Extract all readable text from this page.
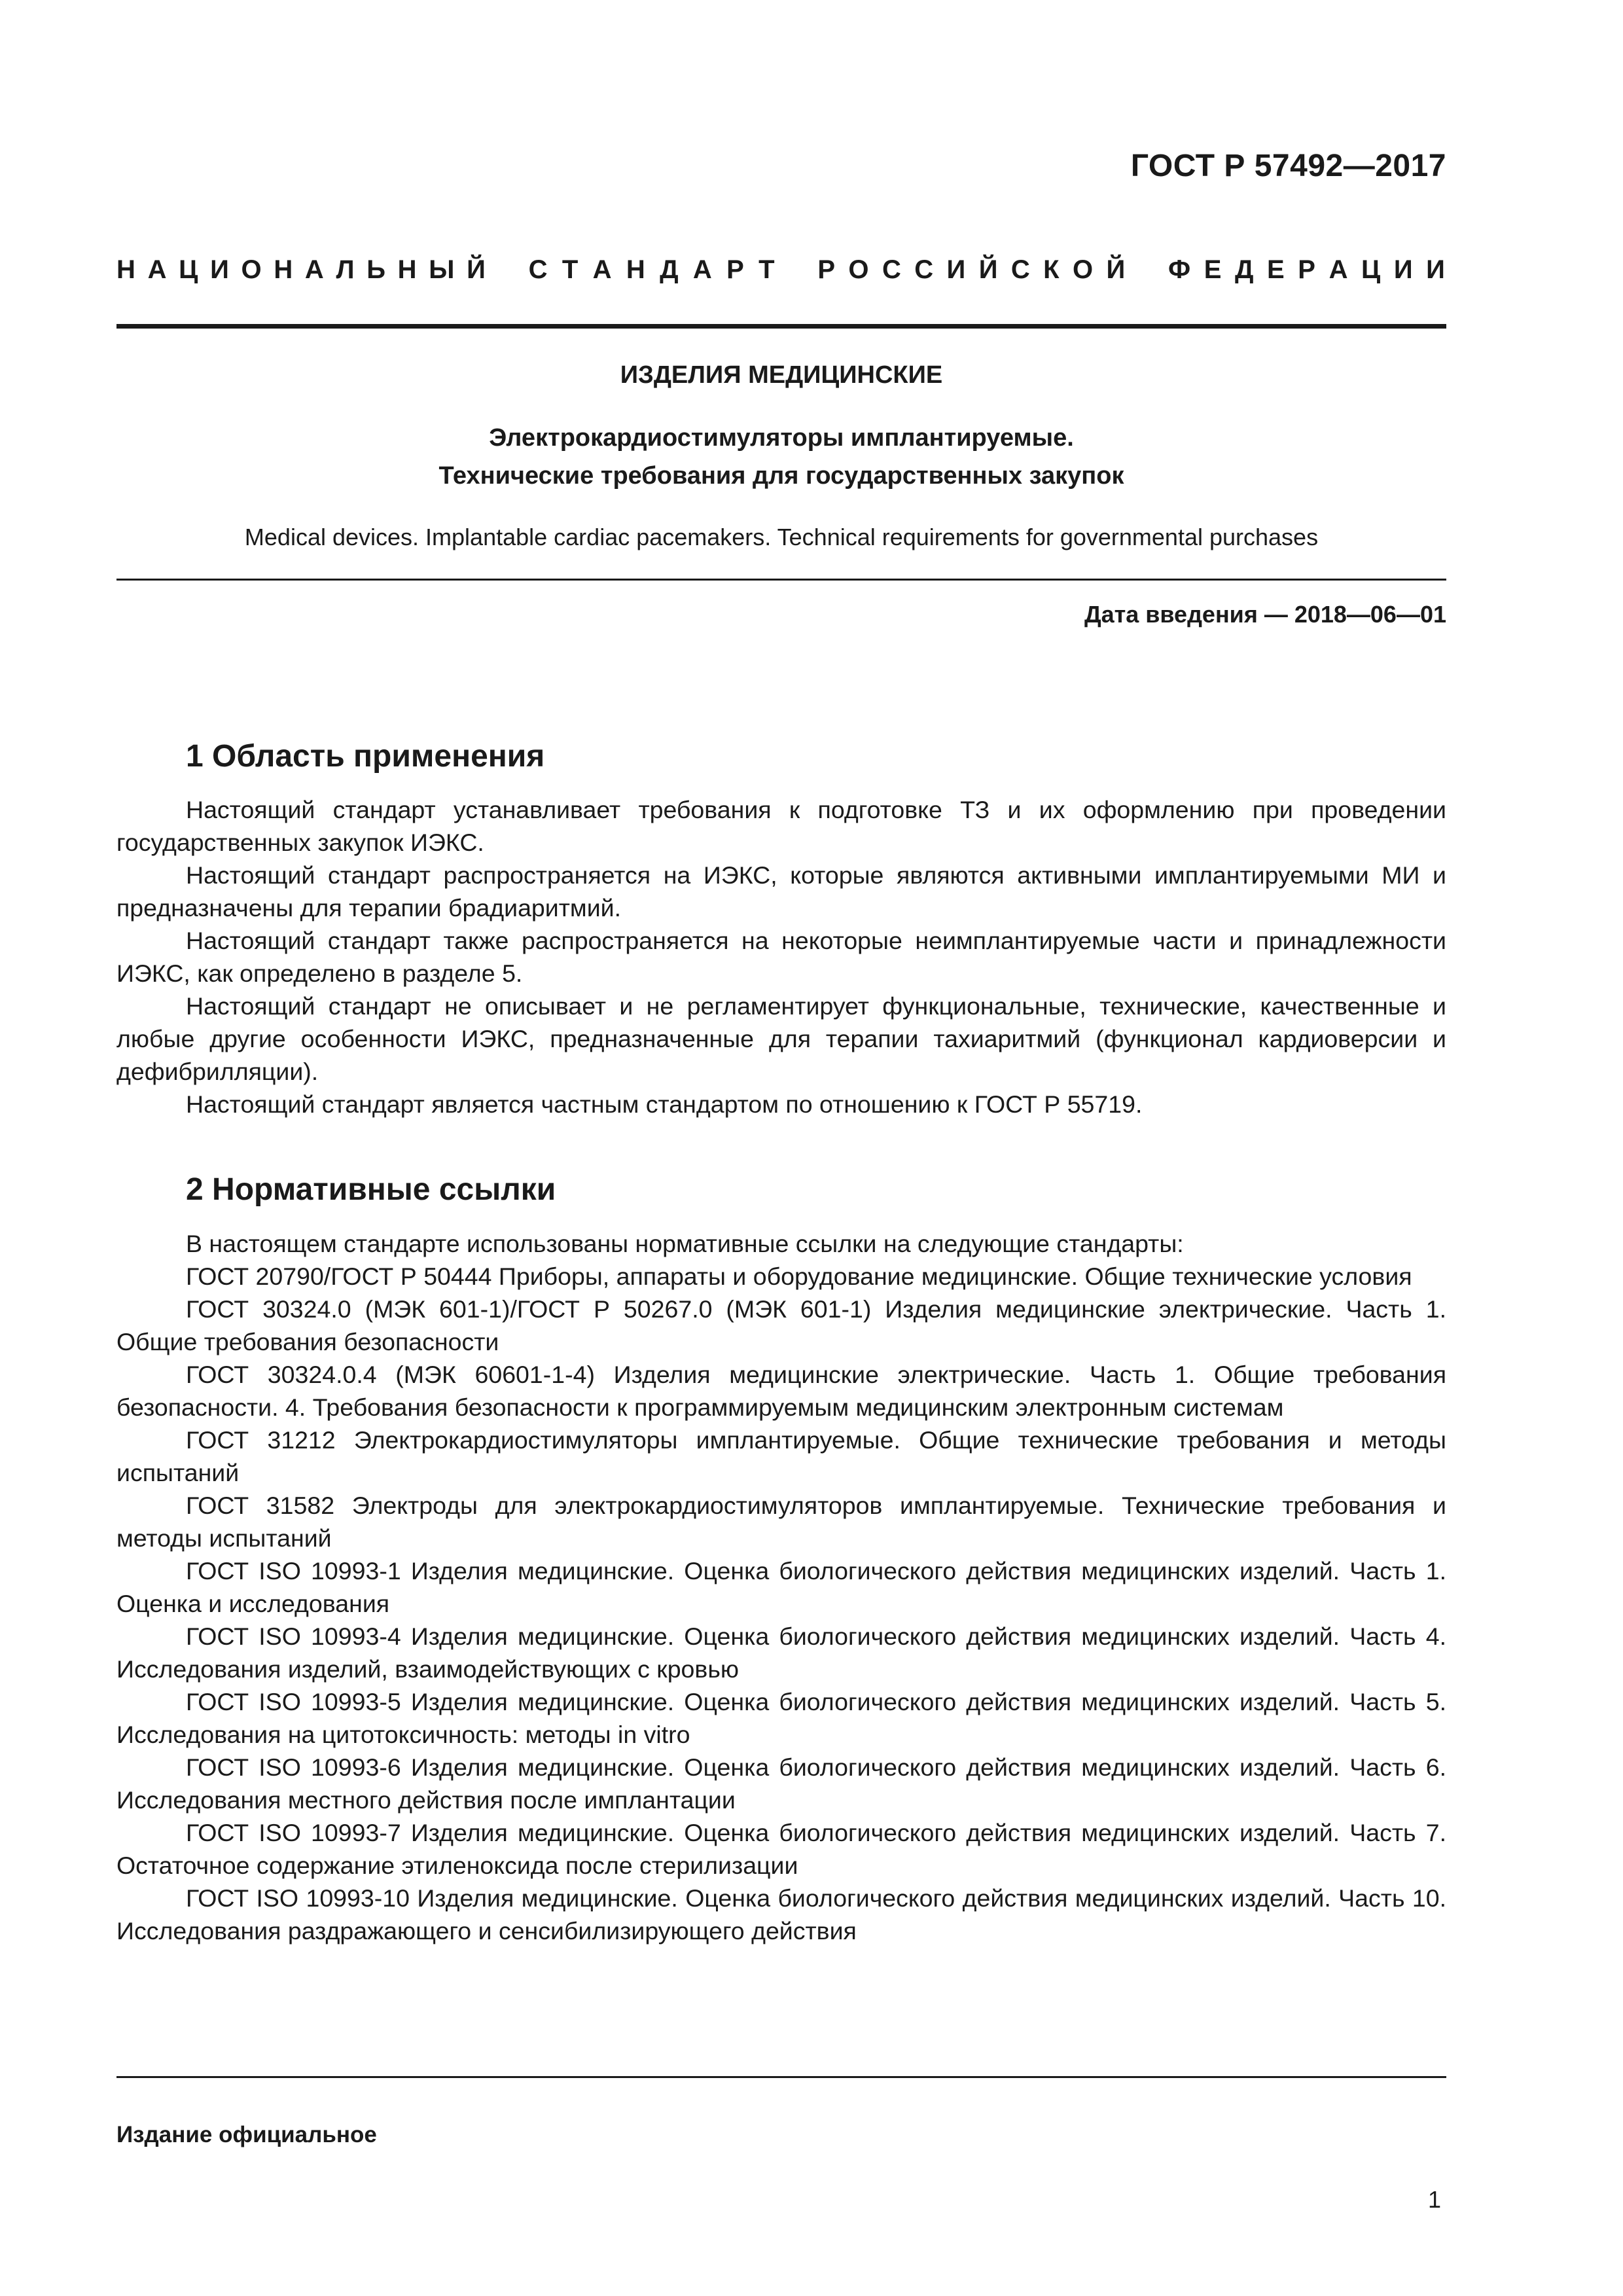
ГОСТ Р 57492—2017
Н А Ц И О Н А Л Ь Н Ы Й С Т А Н Д А Р Т Р О С С И Й С К О Й Ф Е Д Е Р А Ц И И
ИЗДЕЛИЯ МЕДИЦИНСКИЕ
Электрокардиостимуляторы имплантируемые.
Технические требования для государственных закупок
Medical devices. Implantable cardiac pacemakers. Technical requirements for governmental purchases
Дата введения — 2018—06—01
1 Область применения

Настоящий стандарт устанавливает требования к подготовке ТЗ и их оформлению при проведении государственных закупок ИЭКС.

Настоящий стандарт распространяется на ИЭКС, которые являются активными имплантируемыми МИ и предназначены для терапии брадиаритмий.

Настоящий стандарт также распространяется на некоторые неимплантируемые части и принадлежности ИЭКС, как определено в разделе 5.

Настоящий стандарт не описывает и не регламентирует функциональные, технические, качественные и любые другие особенности ИЭКС, предназначенные для терапии тахиаритмий (функционал кардиоверсии и дефибрилляции).

Настоящий стандарт является частным стандартом по отношению к ГОСТ Р 55719.

2 Нормативные ссылки

В настоящем стандарте использованы нормативные ссылки на следующие стандарты:

ГОСТ 20790/ГОСТ Р 50444 Приборы, аппараты и оборудование медицинские. Общие технические условия

ГОСТ 30324.0 (МЭК 601-1)/ГОСТ Р 50267.0 (МЭК 601-1) Изделия медицинские электрические. Часть 1. Общие требования безопасности

ГОСТ 30324.0.4 (МЭК 60601-1-4) Изделия медицинские электрические. Часть 1. Общие требования безопасности. 4. Требования безопасности к программируемым медицинским электронным системам

ГОСТ 31212 Электрокардиостимуляторы имплантируемые. Общие технические требования и методы испытаний

ГОСТ 31582 Электроды для электрокардиостимуляторов имплантируемые. Технические требования и методы испытаний

ГОСТ ISO 10993-1 Изделия медицинские. Оценка биологического действия медицинских изделий. Часть 1. Оценка и исследования

ГОСТ ISO 10993-4 Изделия медицинские. Оценка биологического действия медицинских изделий. Часть 4. Исследования изделий, взаимодействующих с кровью

ГОСТ ISO 10993-5 Изделия медицинские. Оценка биологического действия медицинских изделий. Часть 5. Исследования на цитотоксичность: методы in vitro

ГОСТ ISO 10993-6 Изделия медицинские. Оценка биологического действия медицинских изделий. Часть 6. Исследования местного действия после имплантации

ГОСТ ISO 10993-7 Изделия медицинские. Оценка биологического действия медицинских изделий. Часть 7. Остаточное содержание этиленоксида после стерилизации

ГОСТ ISO 10993-10 Изделия медицинские. Оценка биологического действия медицинских изделий. Часть 10. Исследования раздражающего и сенсибилизирующего действия

Издание официальное
1
